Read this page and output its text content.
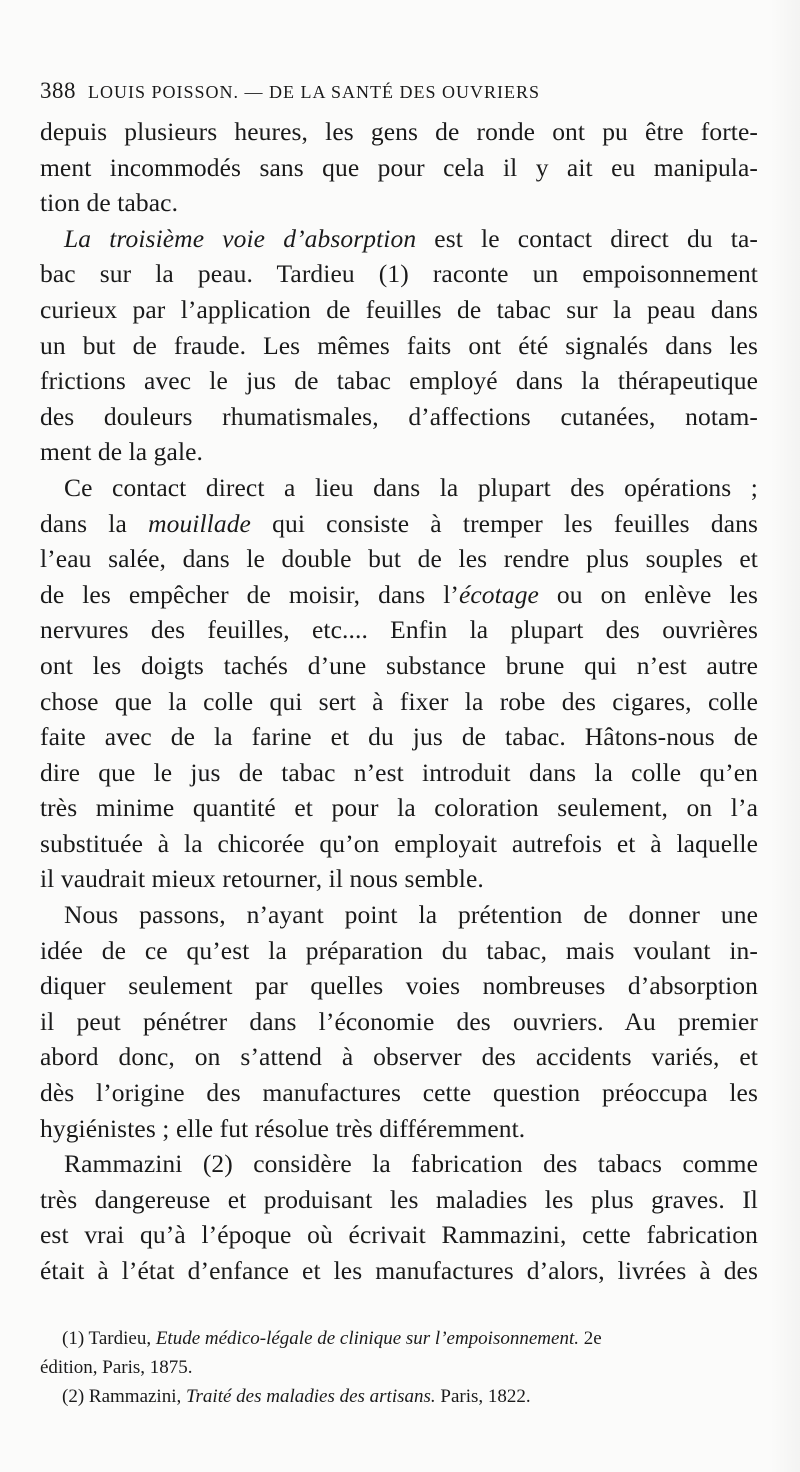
388 LOUIS POISSON. — DE LA SANTÉ DES OUVRIERS
depuis plusieurs heures, les gens de ronde ont pu être forte-
ment incommodés sans que pour cela il y ait eu manipula-
tion de tabac.
La troisième voie d’absorption est le contact direct du ta-
bac sur la peau. Tardieu (1) raconte un empoisonnement
curieux par l’application de feuilles de tabac sur la peau dans
un but de fraude. Les mêmes faits ont été signalés dans les
frictions avec le jus de tabac employé dans la thérapeutique
des douleurs rhumatismales, d’affections cutanées, notam-
ment de la gale.
Ce contact direct a lieu dans la plupart des opérations ;
dans la mouillade qui consiste à tremper les feuilles dans
l’eau salée, dans le double but de les rendre plus souples et
de les empêcher de moisir, dans l’écotage ou on enlève les
nervures des feuilles, etc.... Enfin la plupart des ouvrières
ont les doigts tachés d’une substance brune qui n’est autre
chose que la colle qui sert à fixer la robe des cigares, colle
faite avec de la farine et du jus de tabac. Hâtons-nous de
dire que le jus de tabac n’est introduit dans la colle qu’en
très minime quantité et pour la coloration seulement, on l’a
substituée à la chicorée qu’on employait autrefois et à laquelle
il vaudrait mieux retourner, il nous semble.
Nous passons, n’ayant point la prétention de donner une
idée de ce qu’est la préparation du tabac, mais voulant in-
diquer seulement par quelles voies nombreuses d’absorption
il peut pénétrer dans l’économie des ouvriers. Au premier
abord donc, on s’attend à observer des accidents variés, et
dès l’origine des manufactures cette question préoccupa les
hygiénistes ; elle fut résolue très différemment.
Rammazini (2) considère la fabrication des tabacs comme
très dangereuse et produisant les maladies les plus graves. Il
est vrai qu’à l’époque où écrivait Rammazini, cette fabrication
était à l’état d’enfance et les manufactures d’alors, livrées à des
(1) Tardieu, Etude médico-légale de clinique sur l’empoisonnement. 2e
édition, Paris, 1875.
(2) Rammazini, Traité des maladies des artisans. Paris, 1822.
